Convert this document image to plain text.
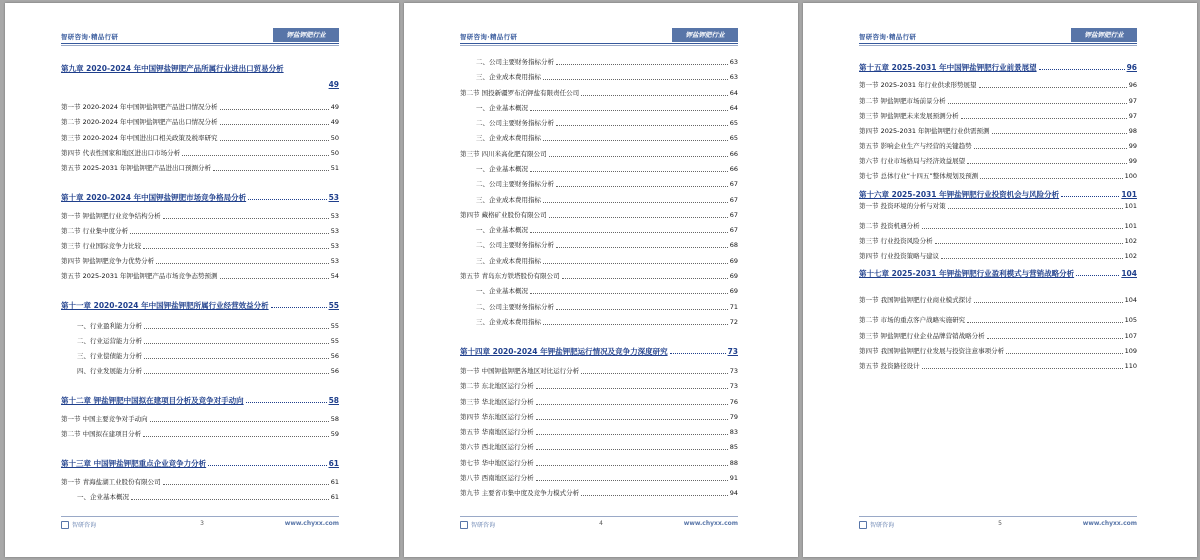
智研咨询·精品行研	钾盐钾肥行业
第九章 2020-2024 年中国钾盐钾肥产品所属行业进出口贸易分析
49
第一节 2020-2024 年中国钾盐钾肥产品进口情况分析	49
第二节 2020-2024 年中国钾盐钾肥产品出口情况分析	49
第三节 2020-2024 年中国进出口相关政策及税率研究	50
第四节 代表性国家和地区进出口市场分析	50
第五节 2025-2031 年钾盐钾肥产品进出口预测分析	51
第十章 2020-2024 年中国钾盐钾肥市场竞争格局分析	53
第一节 钾盐钾肥行业竞争结构分析	53
第二节 行业集中度分析	53
第三节 行业国际竞争力比较	53
第四节 钾盐钾肥竞争力优势分析	53
第五节 2025-2031 年钾盐钾肥产品市场竞争态势预测	54
第十一章 2020-2024 年中国钾盐钾肥所属行业经营效益分析	55
一、行业盈利能力分析	55
二、行业运营能力分析	55
三、行业偿债能力分析	56
四、行业发展能力分析	56
第十二章 钾盐钾肥中国拟在建项目分析及竞争对手动向	58
第一节 中国主要竞争对手动向	58
第二节 中国拟在建项目分析	59
第十三章 中国钾盐钾肥重点企业竞争力分析	61
第一节 青海盐湖工业股份有限公司	61
一、企业基本概况	61
智研咨询	3	www.chyxx.com
智研咨询·精品行研	钾盐钾肥行业
二、公司主要财务指标分析	63
三、企业成本费用指标	63
第二节 国投新疆罗布泊钾盐有限责任公司	64
一、企业基本概况	64
二、公司主要财务指标分析	65
三、企业成本费用指标	65
第三节 四川米高化肥有限公司	66
一、企业基本概况	66
二、公司主要财务指标分析	67
三、企业成本费用指标	67
第四节 藏格矿业股份有限公司	67
一、企业基本概况	67
二、公司主要财务指标分析	68
三、企业成本费用指标	69
第五节 青岛东方铁塔股份有限公司	69
一、企业基本概况	69
二、公司主要财务指标分析	71
三、企业成本费用指标	72
第十四章 2020-2024 年钾盐钾肥运行情况及竞争力深度研究	73
第一节 中国钾盐钾肥各地区对比运行分析	73
第二节 东北地区运行分析	73
第三节 华北地区运行分析	76
第四节 华东地区运行分析	79
第五节 华南地区运行分析	83
第六节 西北地区运行分析	85
第七节 华中地区运行分析	88
第八节 西南地区运行分析	91
第九节 主要省市集中度及竞争力模式分析	94
智研咨询	4	www.chyxx.com
智研咨询·精品行研	钾盐钾肥行业
第十五章 2025-2031 年中国钾盐钾肥行业前景展望	96
第一节 2025-2031 年行业供求形势展望	96
第二节 钾盐钾肥市场前景分析	97
第三节 钾盐钾肥未来发展预测分析	97
第四节 2025-2031 年钾盐钾肥行业供需预测	98
第五节 影响企业生产与经营的关键趋势	99
第六节 行业市场格局与经济效益展望	99
第七节 总体行业“十四五”整体规划及预测	100
第十六章 2025-2031 年钾盐钾肥行业投资机会与风险分析	101
第一节 投资环境的分析与对策	101
第二节 投资机遇分析	101
第三节 行业投资风险分析	102
第四节 行业投资策略与建议	102
第十七章 2025-2031 年钾盐钾肥行业盈利模式与营销战略分析	104
第一节 我国钾盐钾肥行业商业模式探讨	104
第二节 市场的重点客户战略实施研究	105
第三节 钾盐钾肥行业企业品牌营销战略分析	107
第四节 我国钾盐钾肥行业发展与投资注意事项分析	109
第五节 投资路径设计	110
智研咨询	5	www.chyxx.com
